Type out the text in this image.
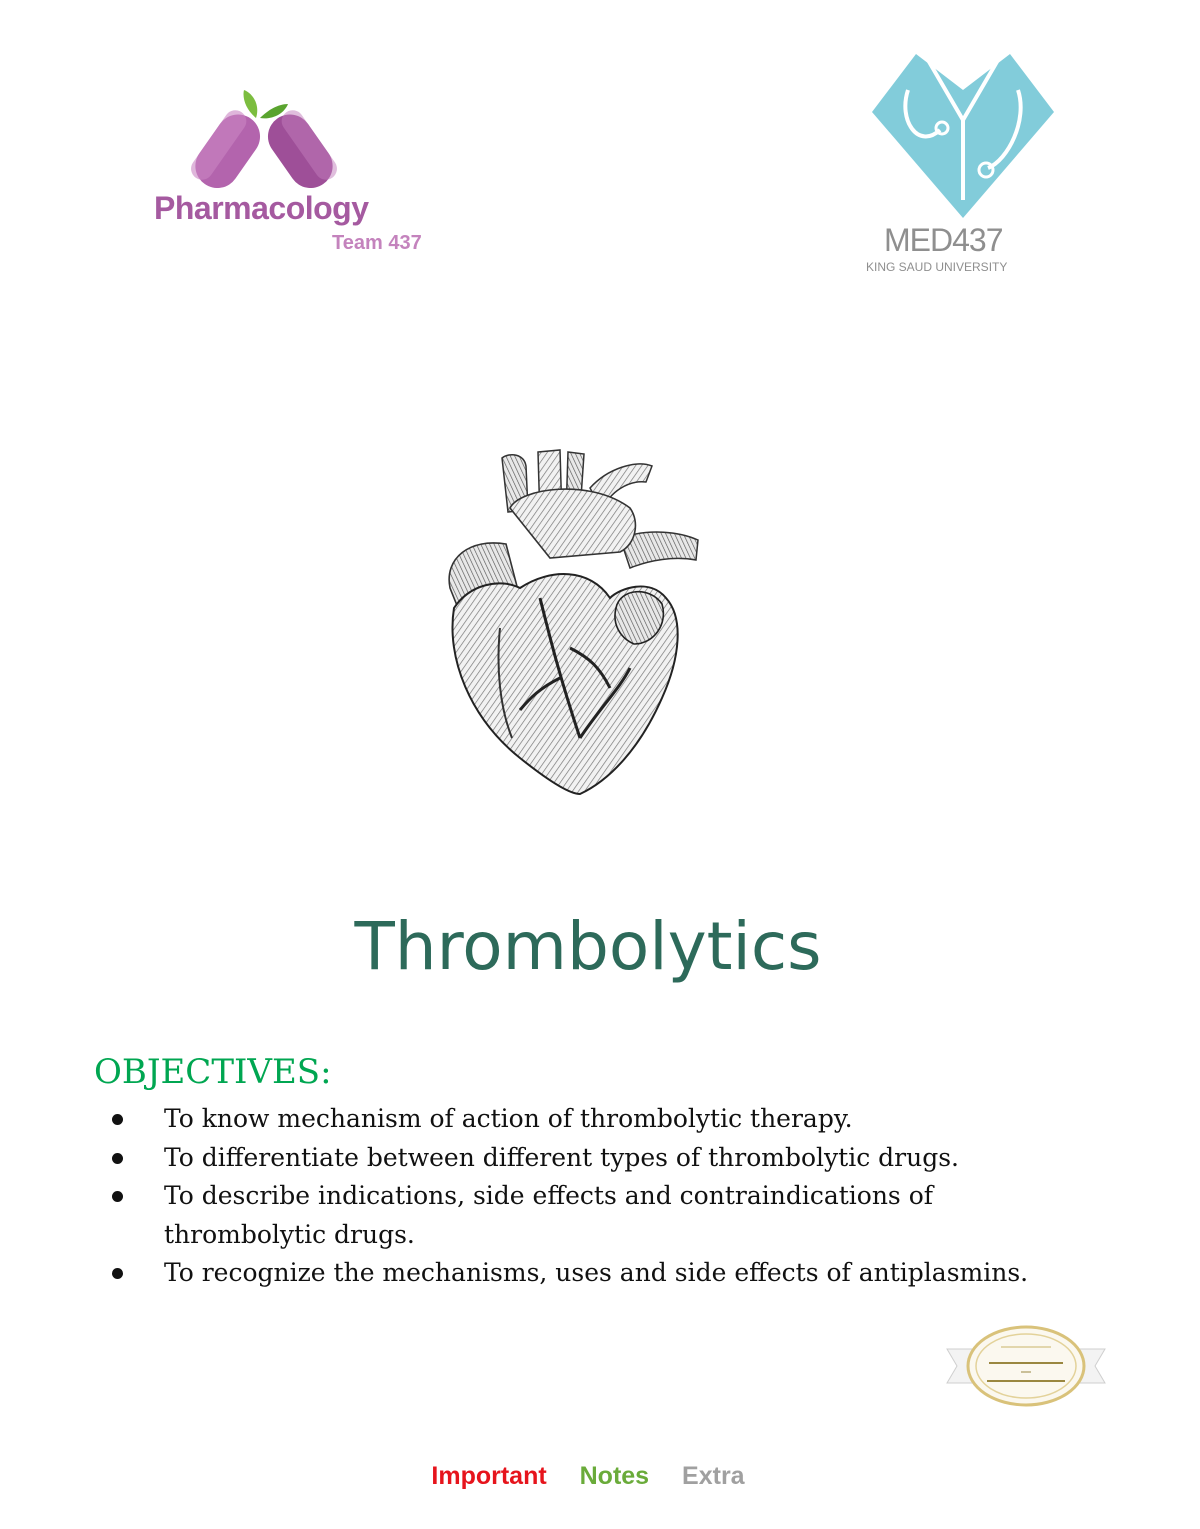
Pharmacology
Team 437	MED437
KING SAUD UNIVERSITY
Thrombolytics
OBJECTIVES:
To know mechanism of action of thrombolytic therapy.
To differentiate between different types of thrombolytic drugs.
To describe indications, side effects and contraindications of
thrombolytic drugs.
To recognize the mechanisms, uses and side effects of antiplasmins.

Important Notes Extra
